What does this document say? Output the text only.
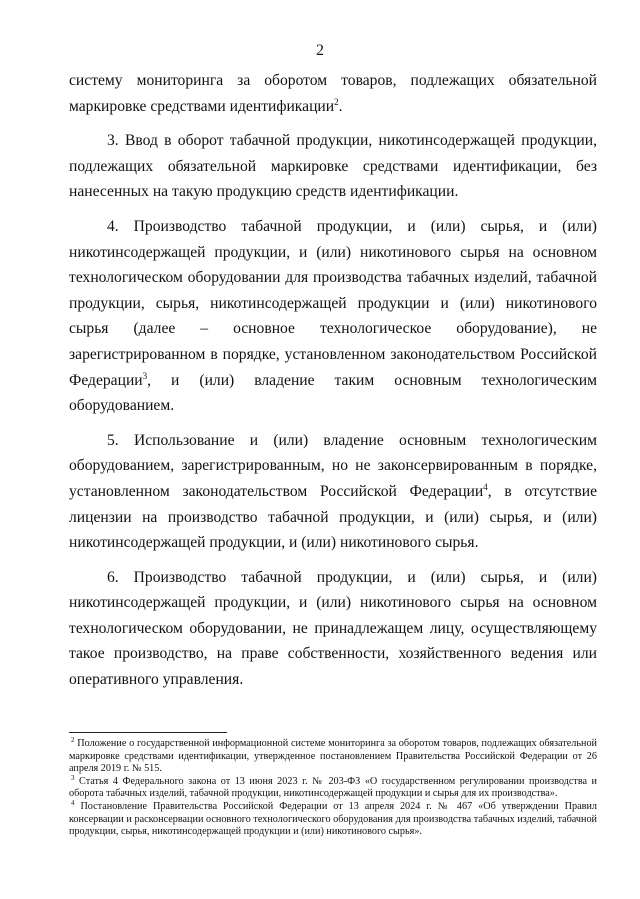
2

систему мониторинга за оборотом товаров, подлежащих обязательной маркировке средствами идентификации$^2$.

3. Ввод в оборот табачной продукции, никотинсодержащей продукции, подлежащих обязательной маркировке средствами идентификации, без нанесенных на такую продукцию средств идентификации.

4. Производство табачной продукции, и (или) сырья, и (или) никотинсодержащей продукции, и (или) никотинового сырья на основном технологическом оборудовании для производства табачных изделий, табачной продукции, сырья, никотинсодержащей продукции и (или) никотинового сырья (далее – основное технологическое оборудование), не зарегистрированном в порядке, установленном законодательством Российской Федерации$^3$, и (или) владение таким основным технологическим оборудованием.

5. Использование и (или) владение основным технологическим оборудованием, зарегистрированным, но не законсервированным в порядке, установленном законодательством Российской Федерации$^4$, в отсутствие лицензии на производство табачной продукции, и (или) сырья, и (или) никотинсодержащей продукции, и (или) никотинового сырья.

6. Производство табачной продукции, и (или) сырья, и (или) никотинсодержащей продукции, и (или) никотинового сырья на основном технологическом оборудовании, не принадлежащем лицу, осуществляющему такое производство, на праве собственности, хозяйственного ведения или оперативного управления.

$^2$ Положение о государственной информационной системе мониторинга за оборотом товаров, подлежащих обязательной маркировке средствами идентификации, утвержденное постановлением Правительства Российской Федерации от 26 апреля 2019 г. № 515.

$^3$ Статья 4 Федерального закона от 13 июня 2023 г. № 203-ФЗ «О государственном регулировании производства и оборота табачных изделий, табачной продукции, никотинсодержащей продукции и сырья для их производства».

$^4$ Постановление Правительства Российской Федерации от 13 апреля 2024 г. № 467 «Об утверждении Правил консервации и расконсервации основного технологического оборудования для производства табачных изделий, табачной продукции, сырья, никотинсодержащей продукции и (или) никотинового сырья».
